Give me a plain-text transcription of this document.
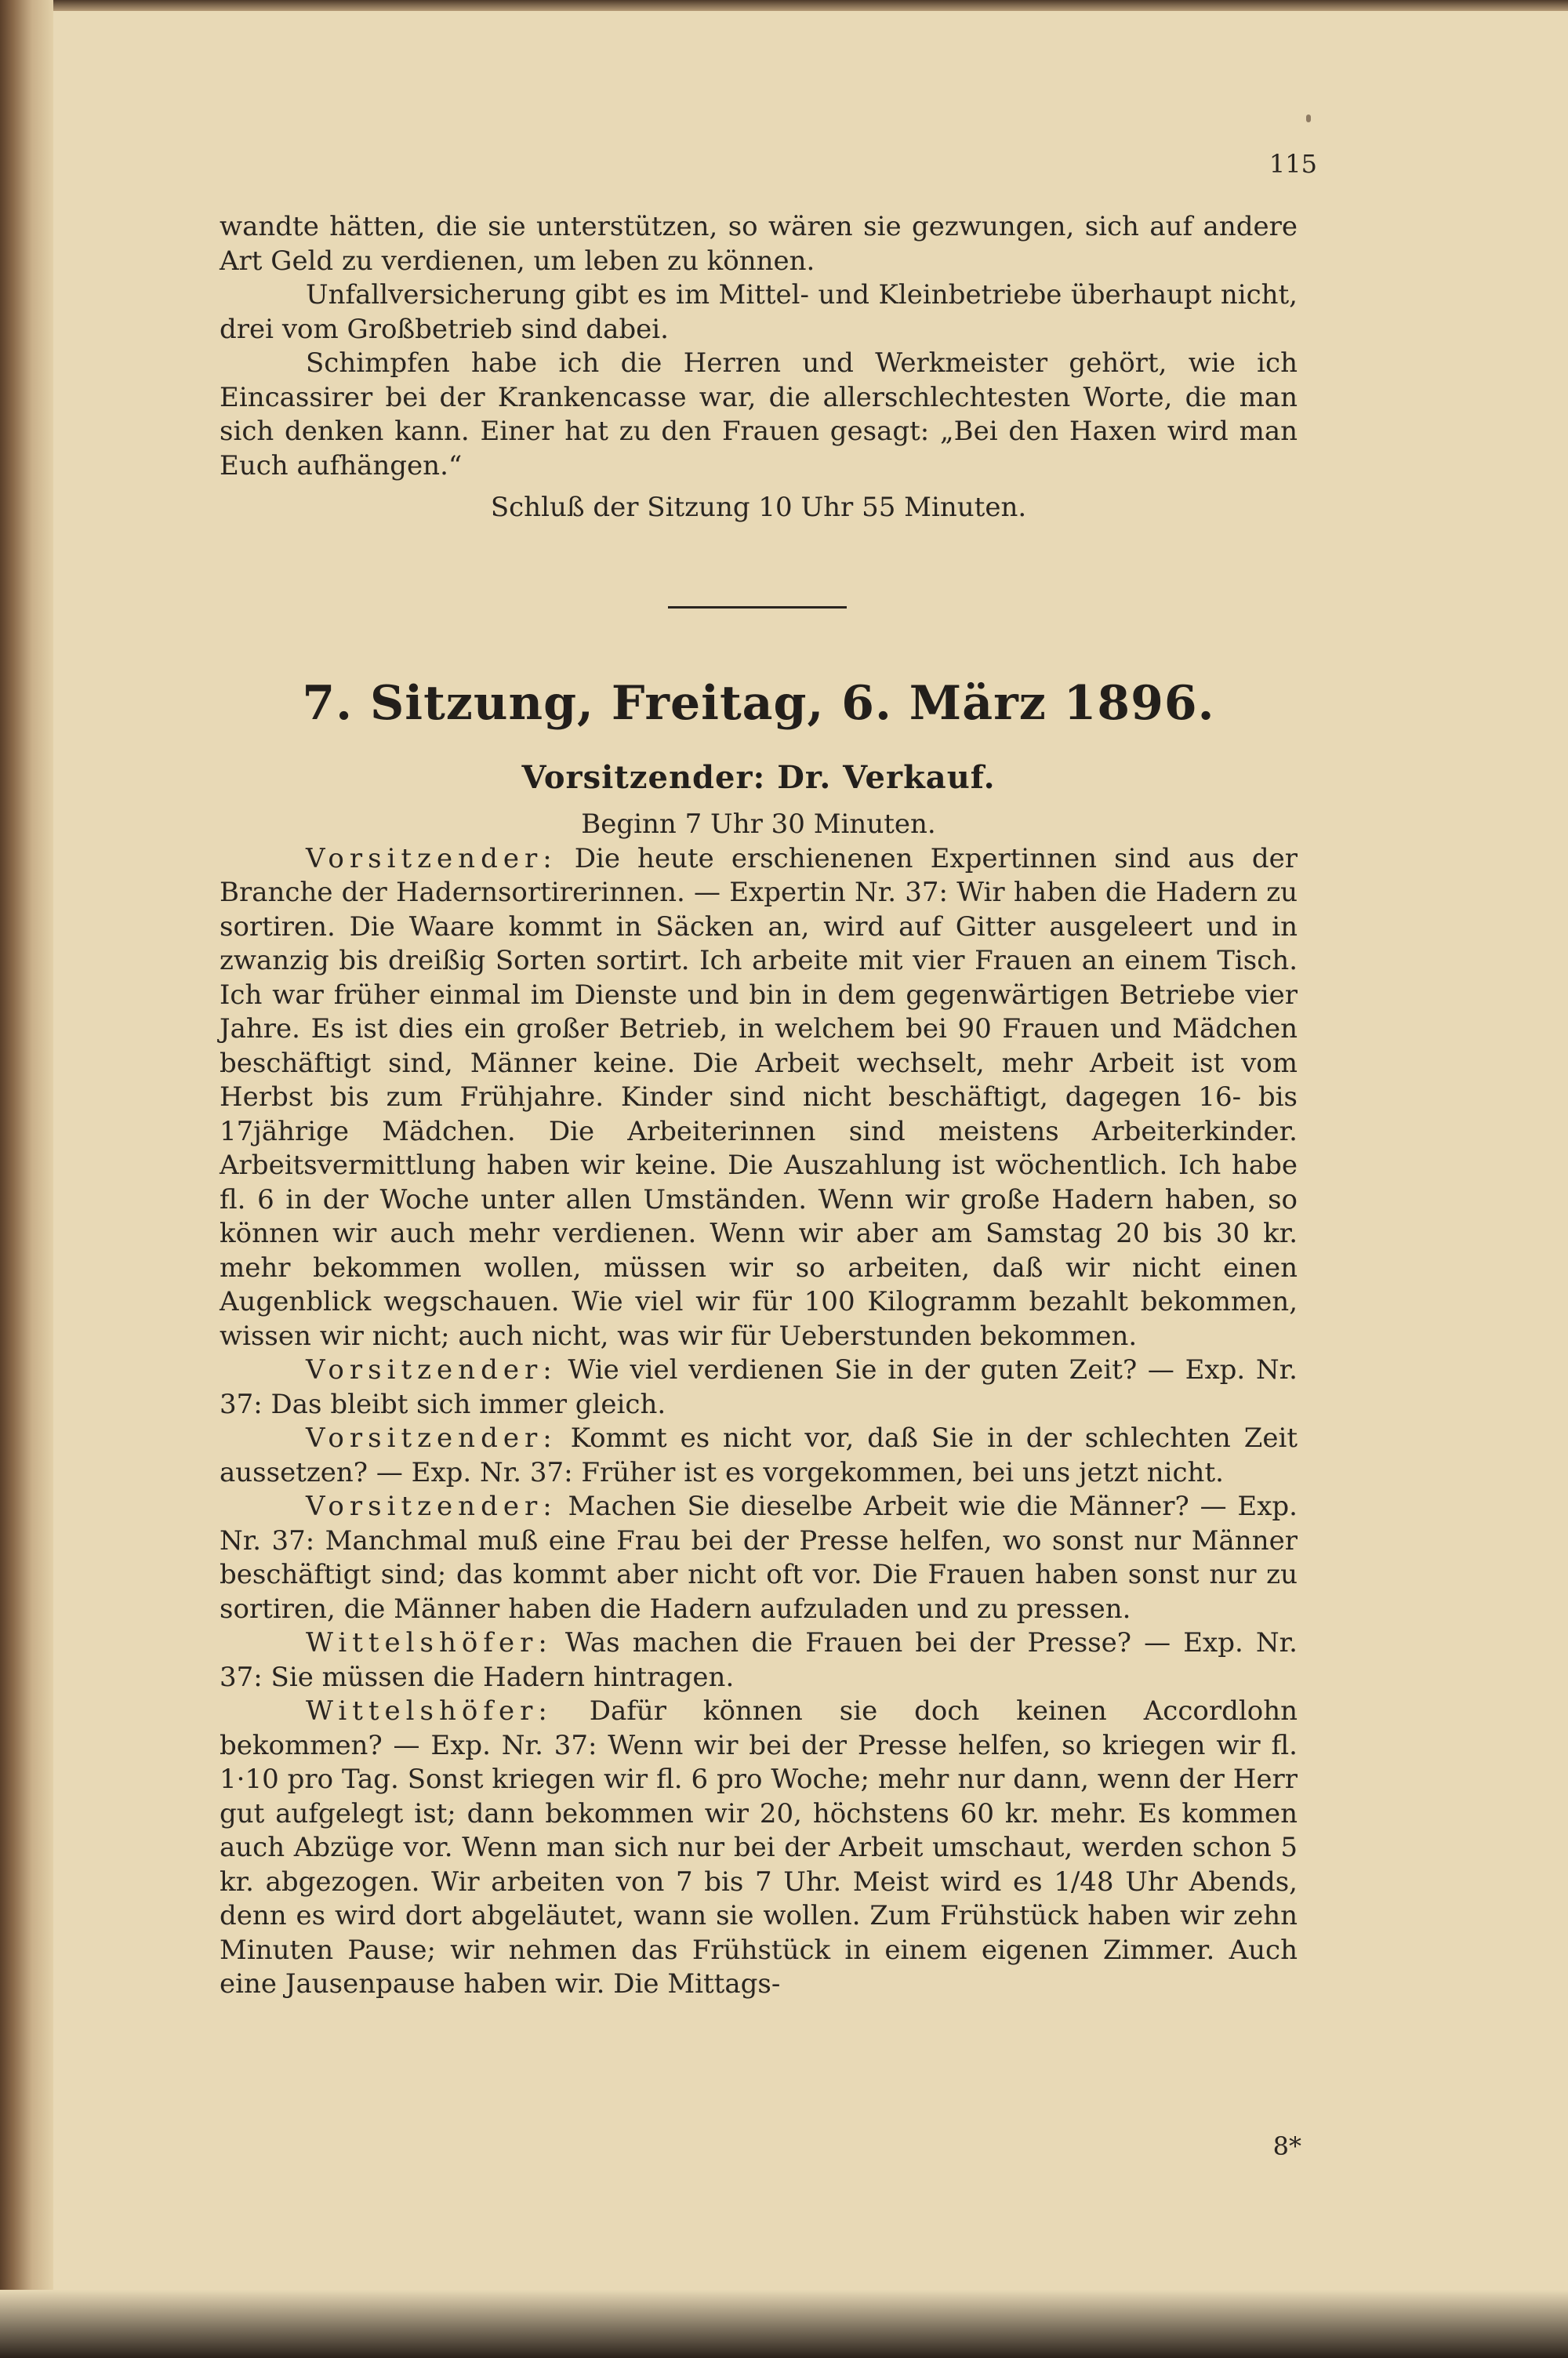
115

wandte hätten, die sie unterstützen, so wären sie gezwungen, sich auf andere Art Geld zu verdienen, um leben zu können.

Unfallversicherung gibt es im Mittel- und Kleinbetriebe überhaupt nicht, drei vom Großbetrieb sind dabei.

Schimpfen habe ich die Herren und Werkmeister gehört, wie ich Eincassirer bei der Krankencasse war, die allerschlechtesten Worte, die man sich denken kann. Einer hat zu den Frauen gesagt: „Bei den Haxen wird man Euch aufhängen.“

Schluß der Sitzung 10 Uhr 55 Minuten.

7. Sitzung, Freitag, 6. März 1896.
Vorsitzender: Dr. Verkauf.

Beginn 7 Uhr 30 Minuten.

Vorsitzender: Die heute erschienenen Expertinnen sind aus der Branche der Hadernsortirerinnen. — Expertin Nr. 37: Wir haben die Hadern zu sortiren. Die Waare kommt in Säcken an, wird auf Gitter ausgeleert und in zwanzig bis dreißig Sorten sortirt. Ich arbeite mit vier Frauen an einem Tisch. Ich war früher einmal im Dienste und bin in dem gegenwärtigen Betriebe vier Jahre. Es ist dies ein großer Betrieb, in welchem bei 90 Frauen und Mädchen beschäftigt sind, Männer keine. Die Arbeit wechselt, mehr Arbeit ist vom Herbst bis zum Frühjahre. Kinder sind nicht beschäftigt, dagegen 16- bis 17jährige Mädchen. Die Arbeiterinnen sind meistens Arbeiterkinder. Arbeitsvermittlung haben wir keine. Die Auszahlung ist wöchentlich. Ich habe fl. 6 in der Woche unter allen Umständen. Wenn wir große Hadern haben, so können wir auch mehr verdienen. Wenn wir aber am Samstag 20 bis 30 kr. mehr bekommen wollen, müssen wir so arbeiten, daß wir nicht einen Augenblick wegschauen. Wie viel wir für 100 Kilogramm bezahlt bekommen, wissen wir nicht; auch nicht, was wir für Ueberstunden bekommen.

Vorsitzender: Wie viel verdienen Sie in der guten Zeit? — Exp. Nr. 37: Das bleibt sich immer gleich.

Vorsitzender: Kommt es nicht vor, daß Sie in der schlechten Zeit aussetzen? — Exp. Nr. 37: Früher ist es vorgekommen, bei uns jetzt nicht.

Vorsitzender: Machen Sie dieselbe Arbeit wie die Männer? — Exp. Nr. 37: Manchmal muß eine Frau bei der Presse helfen, wo sonst nur Männer beschäftigt sind; das kommt aber nicht oft vor. Die Frauen haben sonst nur zu sortiren, die Männer haben die Hadern aufzuladen und zu pressen.

Wittelshöfer: Was machen die Frauen bei der Presse? — Exp. Nr. 37: Sie müssen die Hadern hintragen.

Wittelshöfer: Dafür können sie doch keinen Accordlohn bekommen? — Exp. Nr. 37: Wenn wir bei der Presse helfen, so kriegen wir fl. 1·10 pro Tag. Sonst kriegen wir fl. 6 pro Woche; mehr nur dann, wenn der Herr gut aufgelegt ist; dann bekommen wir 20, höchstens 60 kr. mehr. Es kommen auch Abzüge vor. Wenn man sich nur bei der Arbeit umschaut, werden schon 5 kr. abgezogen. Wir arbeiten von 7 bis 7 Uhr. Meist wird es 1/48 Uhr Abends, denn es wird dort abgeläutet, wann sie wollen. Zum Frühstück haben wir zehn Minuten Pause; wir nehmen das Frühstück in einem eigenen Zimmer. Auch eine Jausenpause haben wir. Die Mittags-

8*
